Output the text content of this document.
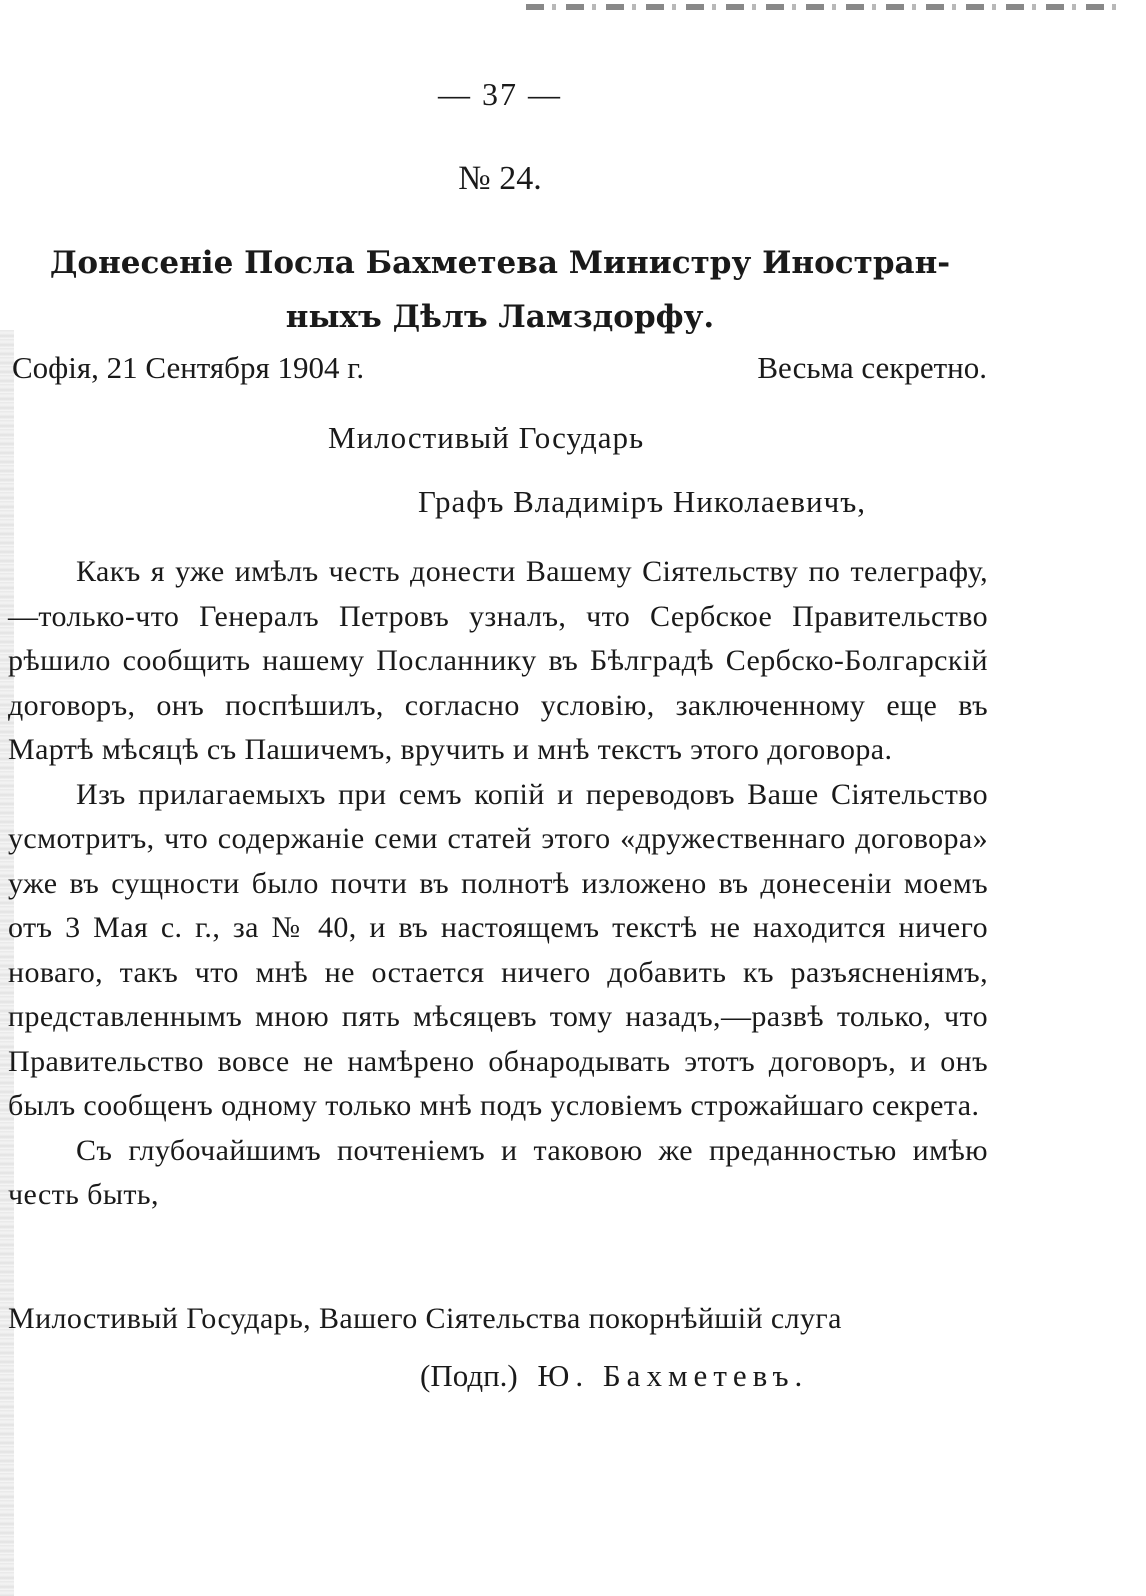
— 37 —
№ 24.
Донесеніе Посла Бахметева Министру Иностран-
ныхъ Дѣлъ Ламздорфу.
Софія, 21 Сентября 1904 г.	Весьма секретно.
Милостивый Государь
Графъ Владиміръ Николаевичъ,

Какъ я уже имѣлъ честь донести Вашему Сіятельству по телеграфу,—только-что Генералъ Петровъ узналъ, что Сербское Правительство рѣшило сообщить нашему Посланнику въ Бѣлградѣ Сербско-Болгарскій договоръ, онъ поспѣшилъ, согласно условію, заключенному еще въ Мартѣ мѣсяцѣ съ Пашичемъ, вручить и мнѣ текстъ этого договора.

Изъ прилагаемыхъ при семъ копій и переводовъ Ваше Сіятельство усмотритъ, что содержаніе семи статей этого «дружественнаго договора» уже въ сущности было почти въ полнотѣ изложено въ донесеніи моемъ отъ 3 Мая с. г., за № 40, и въ настоящемъ текстѣ не находится ничего новаго, такъ что мнѣ не остается ничего добавить къ разъясненіямъ, представленнымъ мною пять мѣсяцевъ тому назадъ,—развѣ только, что Правительство вовсе не намѣрено обнародывать этотъ договоръ, и онъ былъ сообщенъ одному только мнѣ подъ условіемъ строжайшаго секрета.

Съ глубочайшимъ почтеніемъ и таковою же преданностью имѣю честь быть,

Милостивый Государь, Вашего Сіятельства покорнѣйшій слуга
(Подп.) Ю. Бахметевъ.
